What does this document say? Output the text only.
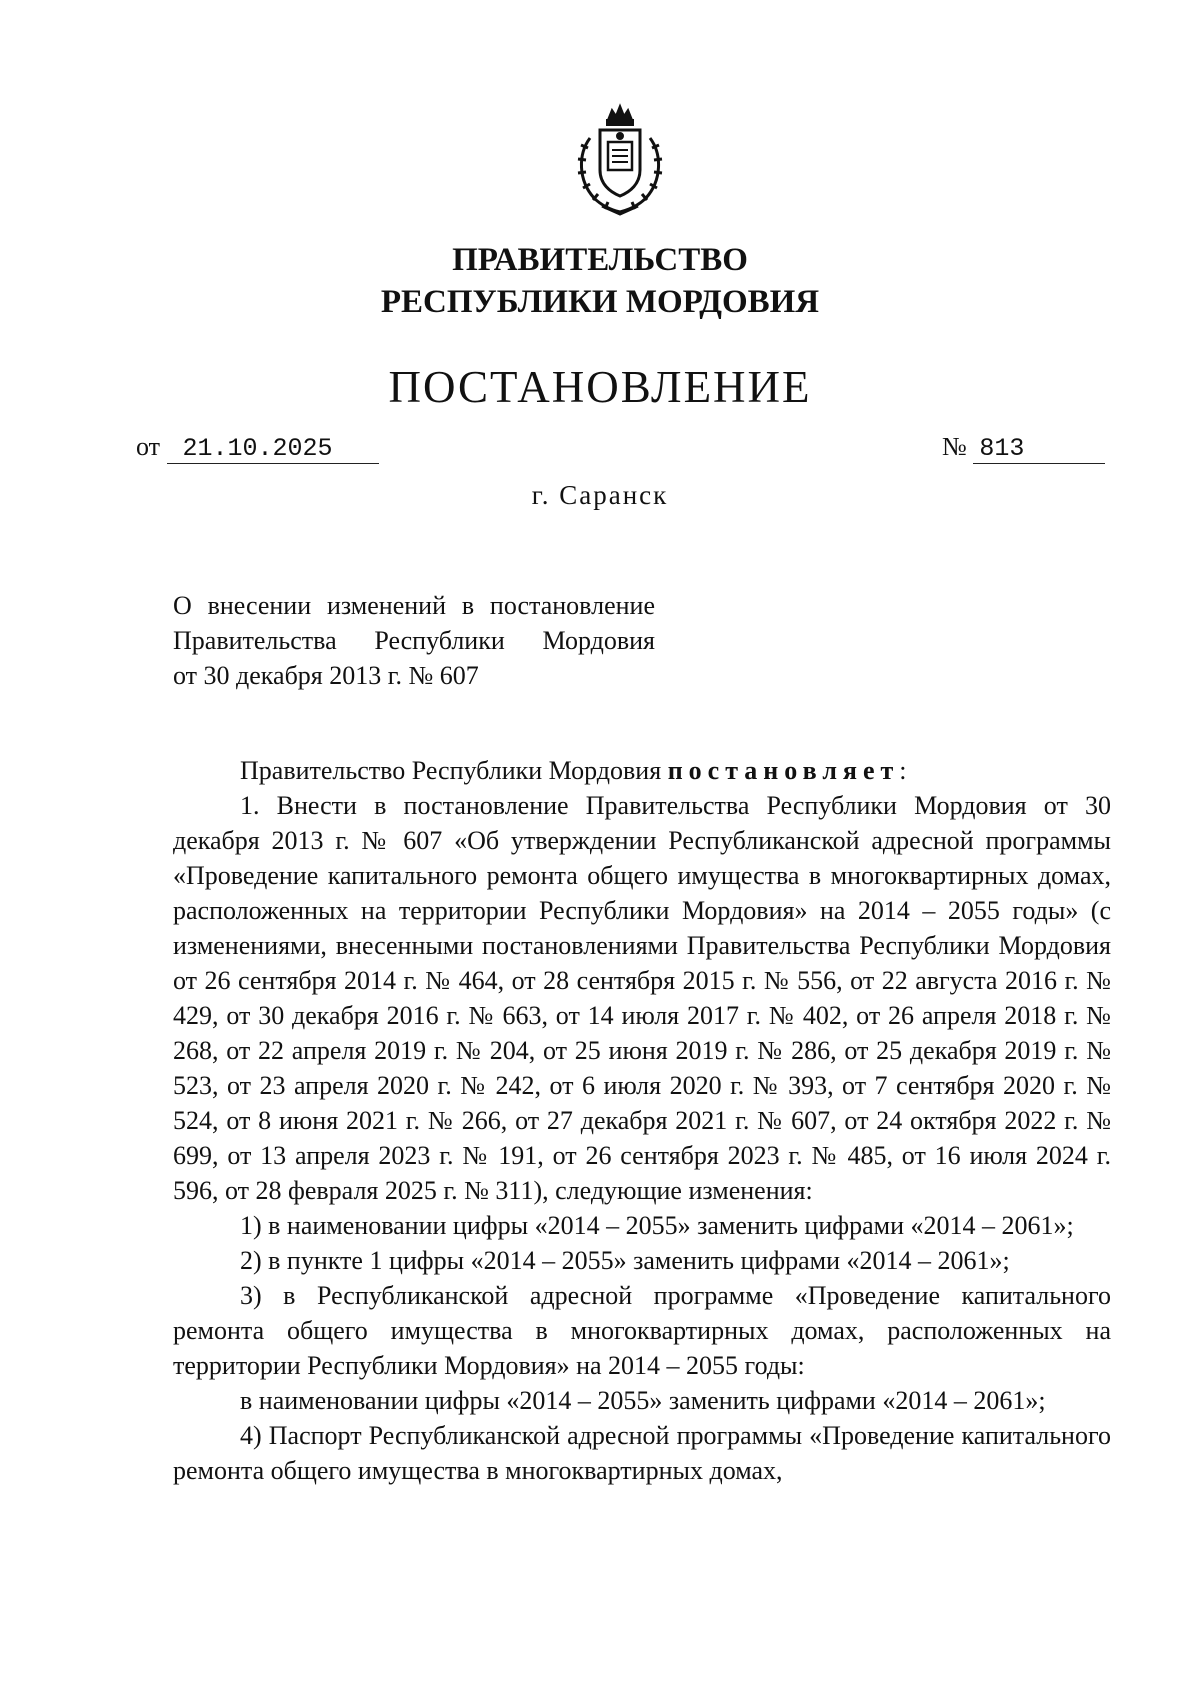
ПРАВИТЕЛЬСТВО
РЕСПУБЛИКИ МОРДОВИЯ
ПОСТАНОВЛЕНИЕ
от 21.10.2025	№ 813
г. Саранск
О внесении изменений в постановление
Правительства Республики Мордовия
от 30 декабря 2013 г. № 607

Правительство Республики Мордовия постановляет:

1. Внести в постановление Правительства Республики Мордовия от 30 декабря 2013 г. № 607 «Об утверждении Республиканской адресной программы «Проведение капитального ремонта общего имущества в многоквартирных домах, расположенных на территории Республики Мордовия» на 2014 – 2055 годы» (с изменениями, внесенными постановлениями Правительства Республики Мордовия от 26 сентября 2014 г. № 464, от 28 сентября 2015 г. № 556, от 22 августа 2016 г. № 429, от 30 декабря 2016 г. № 663, от 14 июля 2017 г. № 402, от 26 апреля 2018 г. № 268, от 22 апреля 2019 г. № 204, от 25 июня 2019 г. № 286, от 25 декабря 2019 г. № 523, от 23 апреля 2020 г. № 242, от 6 июля 2020 г. № 393, от 7 сентября 2020 г. № 524, от 8 июня 2021 г. № 266, от 27 декабря 2021 г. № 607, от 24 октября 2022 г. № 699, от 13 апреля 2023 г. № 191, от 26 сентября 2023 г. № 485, от 16 июля 2024 г. 596, от 28 февраля 2025 г. № 311), следующие изменения:

1) в наименовании цифры «2014 – 2055» заменить цифрами «2014 – 2061»;

2) в пункте 1 цифры «2014 – 2055» заменить цифрами «2014 – 2061»;

3) в Республиканской адресной программе «Проведение капитального ремонта общего имущества в многоквартирных домах, расположенных на территории Республики Мордовия» на 2014 – 2055 годы:

в наименовании цифры «2014 – 2055» заменить цифрами «2014 – 2061»;

4) Паспорт Республиканской адресной программы «Проведение капитального ремонта общего имущества в многоквартирных домах,
